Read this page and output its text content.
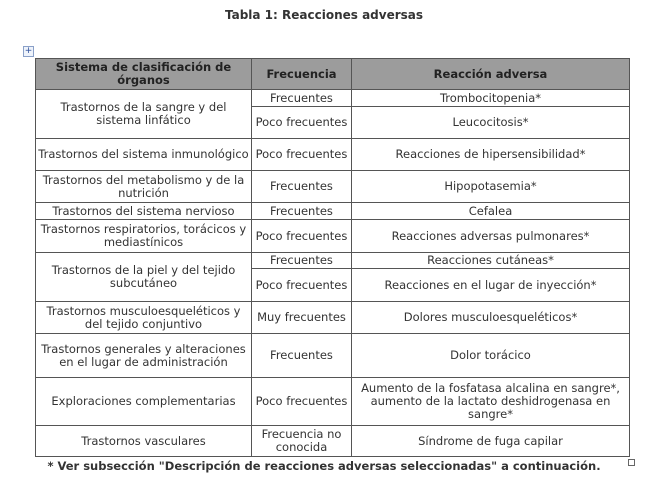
Tabla 1: Reacciones adversas
+
Sistema de clasificación de órganos	Frecuencia	Reacción adversa
Trastornos de la sangre y del sistema linfático	Frecuentes	Trombocitopenia*
	Poco frecuentes	Leucocitosis*
Trastornos del sistema inmunológico	Poco frecuentes	Reacciones de hipersensibilidad*
Trastornos del metabolismo y de la nutrición	Frecuentes	Hipopotasemia*
Trastornos del sistema nervioso	Frecuentes	Cefalea
Trastornos respiratorios, torácicos y mediastínicos	Poco frecuentes	Reacciones adversas pulmonares*
Trastornos de la piel y del tejido subcutáneo	Frecuentes	Reacciones cutáneas*
	Poco frecuentes	Reacciones en el lugar de inyección*
Trastornos musculoesqueléticos y del tejido conjuntivo	Muy frecuentes	Dolores musculoesqueléticos*
Trastornos generales y alteraciones en el lugar de administración	Frecuentes	Dolor torácico
Exploraciones complementarias	Poco frecuentes	Aumento de la fosfatasa alcalina en sangre*, aumento de la lactato deshidrogenasa en sangre*
Trastornos vasculares	Frecuencia no conocida	Síndrome de fuga capilar
* Ver subsección "Descripción de reacciones adversas seleccionadas" a continuación.
